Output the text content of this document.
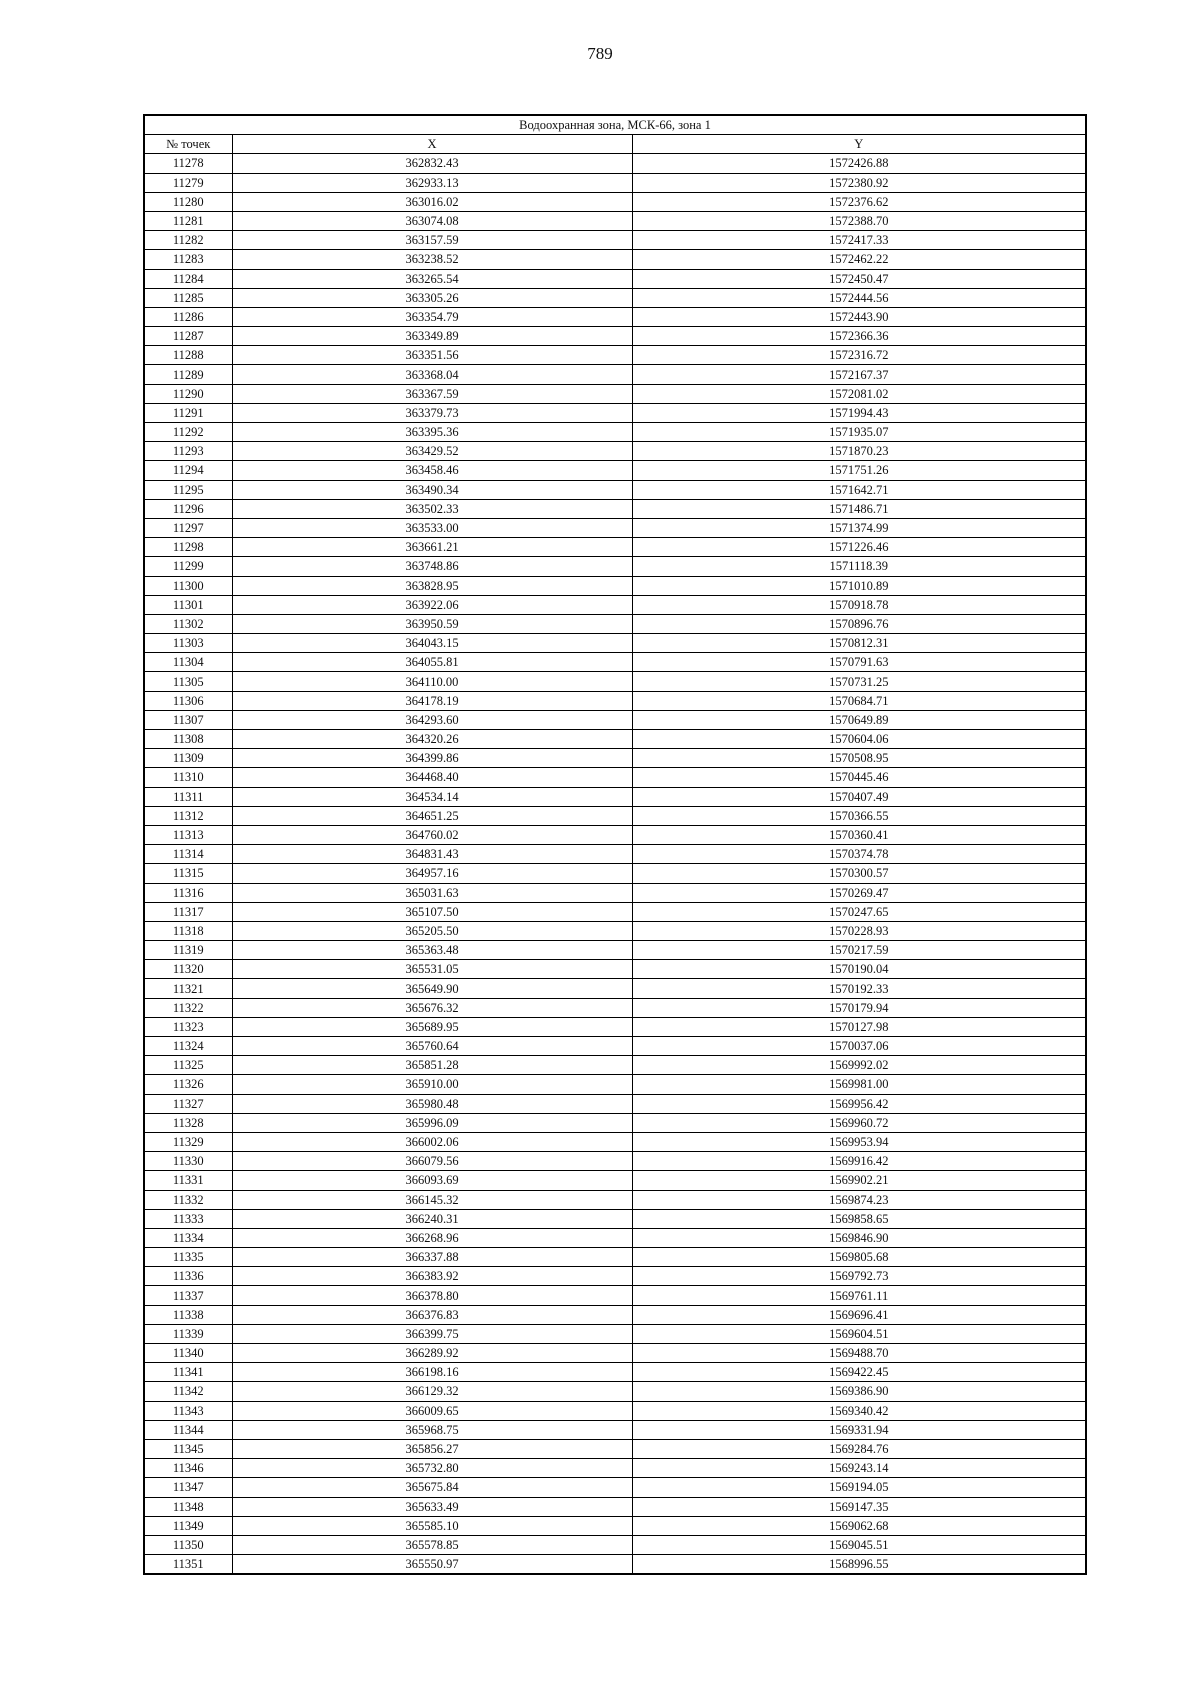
789
Водоохранная зона, МСК-66, зона 1		
№ точек	X	Y
11278	362832.43	1572426.88
11279	362933.13	1572380.92
11280	363016.02	1572376.62
11281	363074.08	1572388.70
11282	363157.59	1572417.33
11283	363238.52	1572462.22
11284	363265.54	1572450.47
11285	363305.26	1572444.56
11286	363354.79	1572443.90
11287	363349.89	1572366.36
11288	363351.56	1572316.72
11289	363368.04	1572167.37
11290	363367.59	1572081.02
11291	363379.73	1571994.43
11292	363395.36	1571935.07
11293	363429.52	1571870.23
11294	363458.46	1571751.26
11295	363490.34	1571642.71
11296	363502.33	1571486.71
11297	363533.00	1571374.99
11298	363661.21	1571226.46
11299	363748.86	1571118.39
11300	363828.95	1571010.89
11301	363922.06	1570918.78
11302	363950.59	1570896.76
11303	364043.15	1570812.31
11304	364055.81	1570791.63
11305	364110.00	1570731.25
11306	364178.19	1570684.71
11307	364293.60	1570649.89
11308	364320.26	1570604.06
11309	364399.86	1570508.95
11310	364468.40	1570445.46
11311	364534.14	1570407.49
11312	364651.25	1570366.55
11313	364760.02	1570360.41
11314	364831.43	1570374.78
11315	364957.16	1570300.57
11316	365031.63	1570269.47
11317	365107.50	1570247.65
11318	365205.50	1570228.93
11319	365363.48	1570217.59
11320	365531.05	1570190.04
11321	365649.90	1570192.33
11322	365676.32	1570179.94
11323	365689.95	1570127.98
11324	365760.64	1570037.06
11325	365851.28	1569992.02
11326	365910.00	1569981.00
11327	365980.48	1569956.42
11328	365996.09	1569960.72
11329	366002.06	1569953.94
11330	366079.56	1569916.42
11331	366093.69	1569902.21
11332	366145.32	1569874.23
11333	366240.31	1569858.65
11334	366268.96	1569846.90
11335	366337.88	1569805.68
11336	366383.92	1569792.73
11337	366378.80	1569761.11
11338	366376.83	1569696.41
11339	366399.75	1569604.51
11340	366289.92	1569488.70
11341	366198.16	1569422.45
11342	366129.32	1569386.90
11343	366009.65	1569340.42
11344	365968.75	1569331.94
11345	365856.27	1569284.76
11346	365732.80	1569243.14
11347	365675.84	1569194.05
11348	365633.49	1569147.35
11349	365585.10	1569062.68
11350	365578.85	1569045.51
11351	365550.97	1568996.55
